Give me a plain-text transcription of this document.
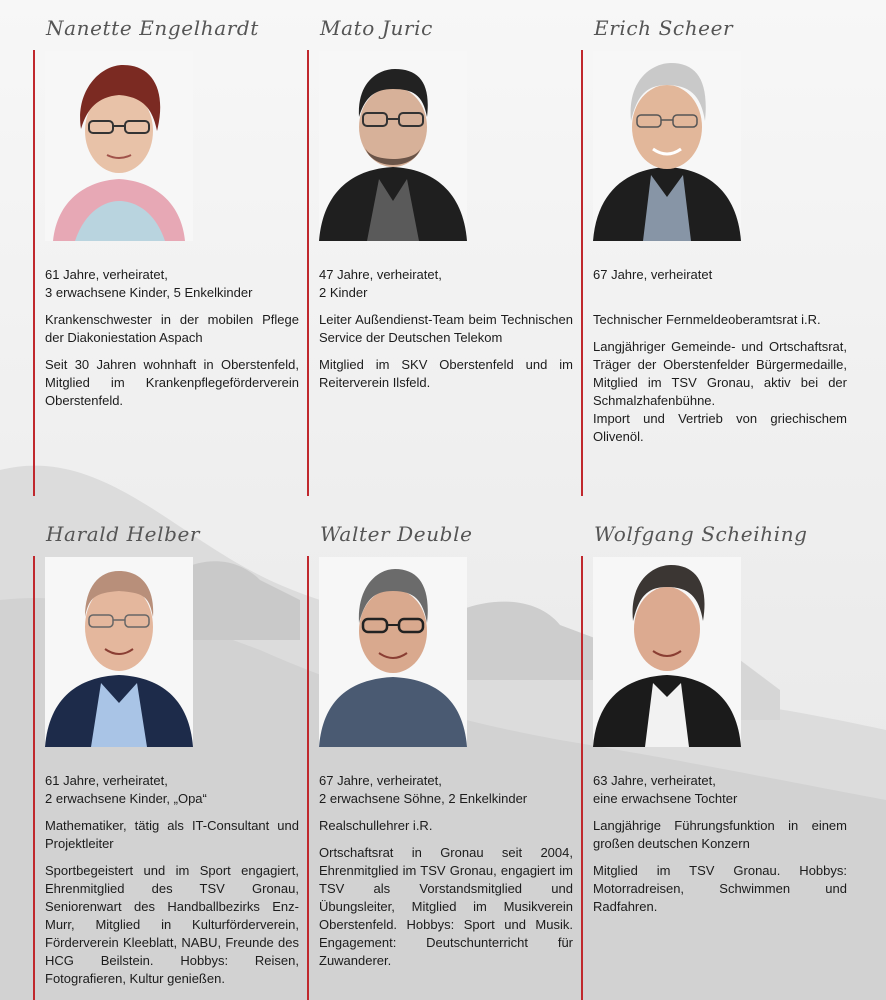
Nanette Engelhardt

61 Jahre, verheiratet,

3 erwachsene Kinder, 5 Enkelkinder

Krankenschwester in der mobilen Pflege der Diakoniestation Aspach

Seit 30 Jahren wohnhaft in Oberstenfeld, Mitglied im Krankenpflegeförderverein Oberstenfeld.

Mato Juric

47 Jahre, verheiratet,

2 Kinder

Leiter Außendienst-Team beim Technischen Service der Deutschen Telekom

Mitglied im SKV Oberstenfeld und im Reiterverein Ilsfeld.

Erich Scheer

67 Jahre, verheiratet

Technischer Fernmeldeoberamtsrat i.R.

Langjähriger Gemeinde- und Ortschaftsrat, Träger der Oberstenfelder Bürgermedaille, Mitglied im TSV Gronau, aktiv bei der Schmalzhafenbühne.

Import und Vertrieb von griechischem Olivenöl.

Harald Helber

61 Jahre, verheiratet,

2 erwachsene Kinder, „Opa“

Mathematiker, tätig als IT-Consultant und Projektleiter

Sportbegeistert und im Sport engagiert, Ehrenmitglied des TSV Gronau, Seniorenwart des Handballbezirks Enz-Murr, Mitglied in Kulturförderverein, Förderverein Kleeblatt, NABU, Freunde des HCG Beilstein. Hobbys: Reisen, Fotografieren, Kultur genießen.

Walter Deuble

67 Jahre, verheiratet,

2 erwachsene Söhne, 2 Enkelkinder

Realschullehrer i.R.

Ortschaftsrat in Gronau seit 2004, Ehrenmitglied im TSV Gronau, engagiert im TSV als Vorstandsmitglied und Übungsleiter, Mitglied im Musikverein Oberstenfeld. Hobbys: Sport und Musik. Engagement: Deutschunterricht für Zuwanderer.

Wolfgang Scheihing

63 Jahre, verheiratet,

eine erwachsene Tochter

Langjährige Führungsfunktion in einem großen deutschen Konzern

Mitglied im TSV Gronau. Hobbys: Motorradreisen, Schwimmen und Radfahren.
